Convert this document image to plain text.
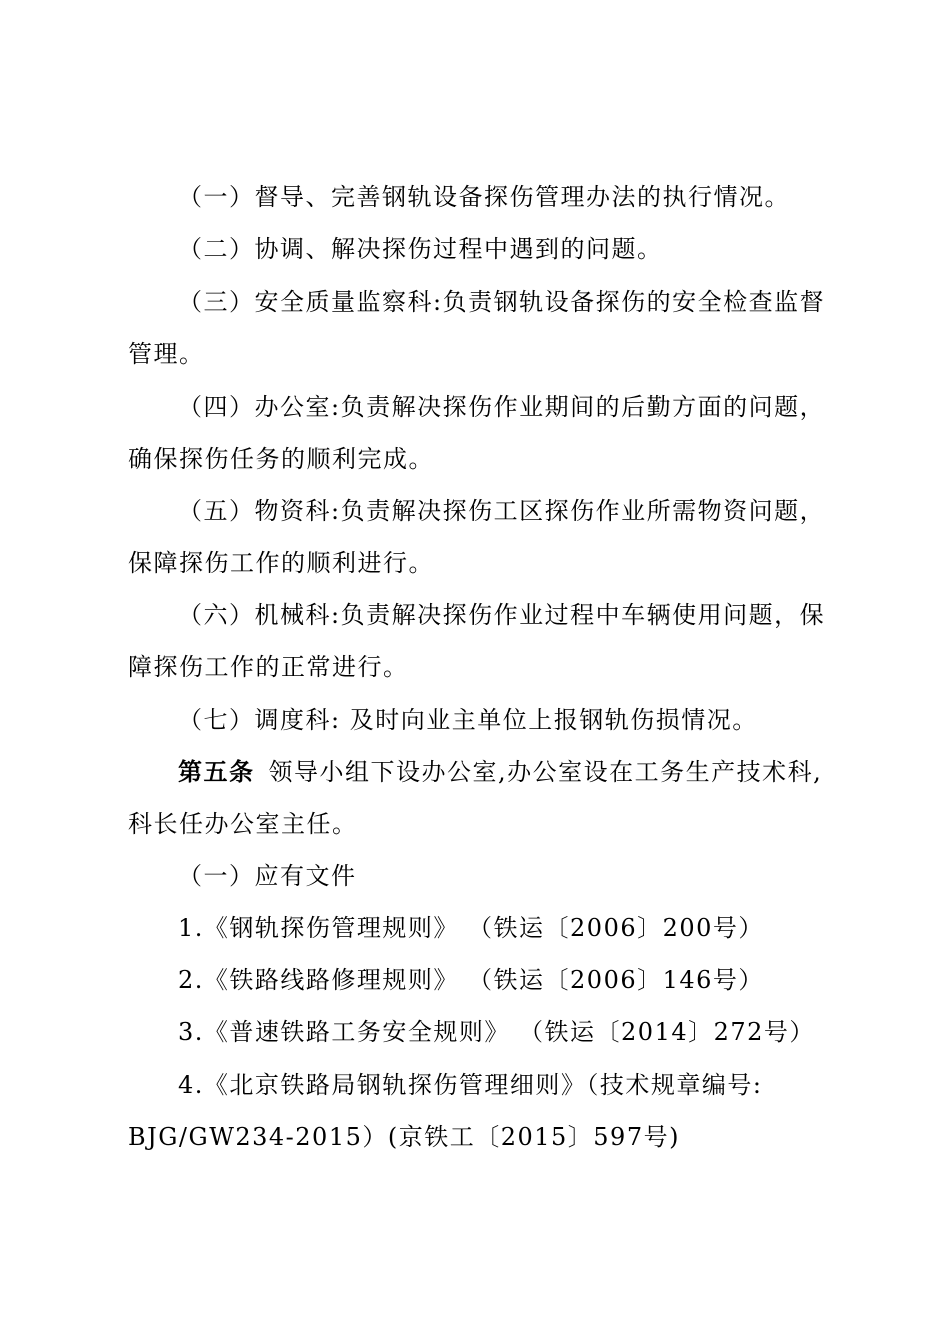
（一）督导、完善钢轨设备探伤管理办法的执行情况。
（二）协调、解决探伤过程中遇到的问题。
（三）安全质量监察科:负责钢轨设备探伤的安全检查监督
管理。
（四）办公室:负责解决探伤作业期间的后勤方面的问题，
确保探伤任务的顺利完成。
（五）物资科:负责解决探伤工区探伤作业所需物资问题，
保障探伤工作的顺利进行。
（六）机械科:负责解决探伤作业过程中车辆使用问题，保
障探伤工作的正常进行。
（七）调度科: 及时向业主单位上报钢轨伤损情况。
第五条 领导小组下设办公室,办公室设在工务生产技术科,
科长任办公室主任。
（一）应有文件
1.《钢轨探伤管理规则》 （铁运〔2006〕200号）
2.《铁路线路修理规则》 （铁运〔2006〕146号）
3.《普速铁路工务安全规则》 （铁运〔2014〕272号）
4.《北京铁路局钢轨探伤管理细则》（技术规章编号:
BJG/GW234-2015）(京铁工〔2015〕597号)
